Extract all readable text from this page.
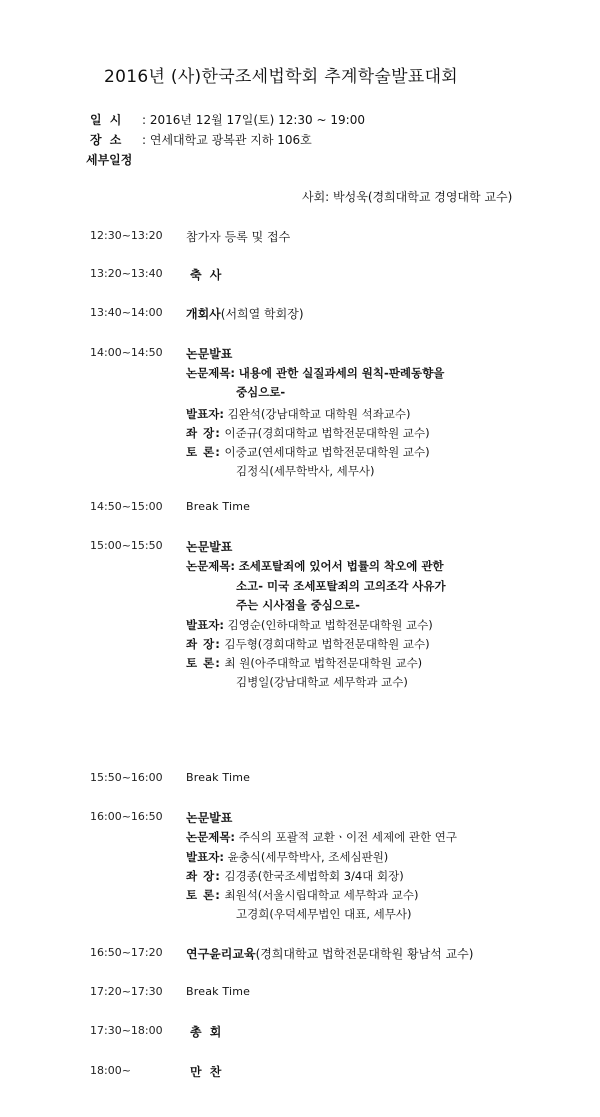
2016년 (사)한국조세법학회 추계학술발표대회
일 시 : 2016년 12월 17일(토) 12:30 ~ 19:00
장 소 : 연세대학교 광복관 지하 106호
세부일정
사회: 박성욱(경희대학교 경영대학 교수)
12:30~13:20 참가자 등록 및 접수
13:20~13:40 축 사
13:40~14:00 개회사(서희열 학회장)
14:00~14:50 논문발표
논문제목: 내용에 관한 실질과세의 원칙-판례동향을
중심으로-
발표자: 김완석(강남대학교 대학원 석좌교수)
좌 장: 이준규(경희대학교 법학전문대학원 교수)
토 론: 이중교(연세대학교 법학전문대학원 교수)
김정식(세무학박사, 세무사)
14:50~15:00 Break Time
15:00~15:50 논문발표
논문제목: 조세포탈죄에 있어서 법률의 착오에 관한
소고- 미국 조세포탈죄의 고의조각 사유가
주는 시사점을 중심으로-
발표자: 김영순(인하대학교 법학전문대학원 교수)
좌 장: 김두형(경희대학교 법학전문대학원 교수)
토 론: 최 원(아주대학교 법학전문대학원 교수)
김병일(강남대학교 세무학과 교수)
15:50~16:00 Break Time
16:00~16:50 논문발표
논문제목: 주식의 포괄적 교환ㆍ이전 세제에 관한 연구
발표자: 윤충식(세무학박사, 조세심판원)
좌 장: 김경종(한국조세법학회 3/4대 회장)
토 론: 최원석(서울시립대학교 세무학과 교수)
고경희(우덕세무법인 대표, 세무사)
16:50~17:20 연구윤리교육(경희대학교 법학전문대학원 황남석 교수)
17:20~17:30 Break Time
17:30~18:00 총 회
18:00~	만 찬
